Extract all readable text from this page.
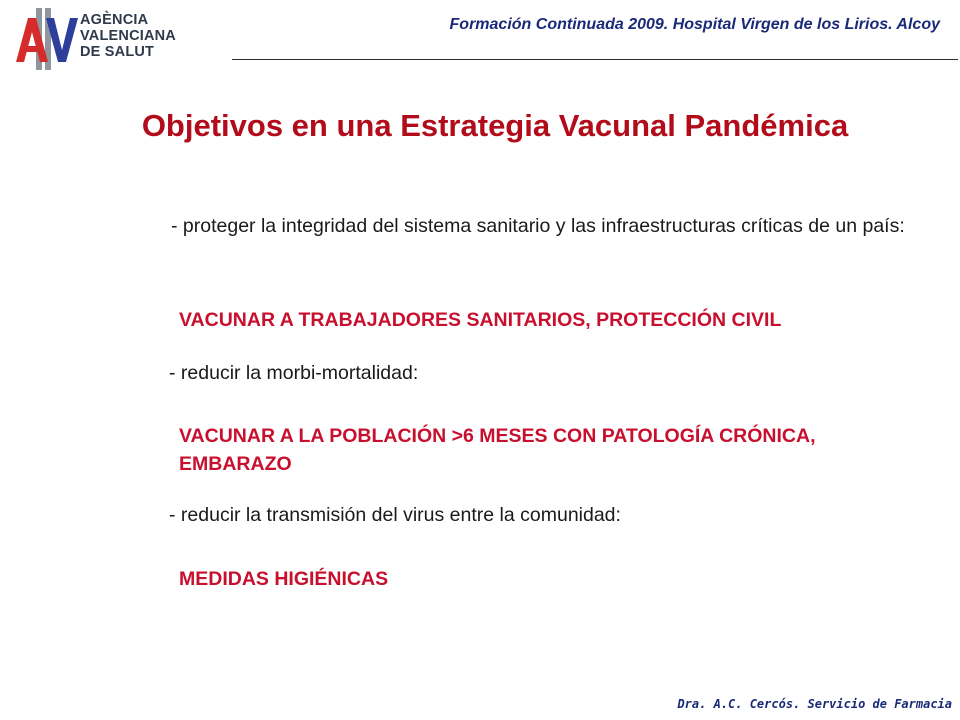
AGÈNCIA
VALENCIANA
DE SALUT
Formación Continuada 2009. Hospital Virgen de los Lirios. Alcoy
Objetivos en una Estrategia Vacunal Pandémica
- proteger la integridad del sistema sanitario y las infraestructuras críticas de un país:
VACUNAR A TRABAJADORES SANITARIOS, PROTECCIÓN CIVIL
- reducir la morbi-mortalidad:
VACUNAR A LA POBLACIÓN >6 MESES CON PATOLOGÍA CRÓNICA, EMBARAZO
- reducir la transmisión del virus entre la comunidad:
MEDIDAS HIGIÉNICAS
Dra. A.C. Cercós. Servicio de Farmacia
